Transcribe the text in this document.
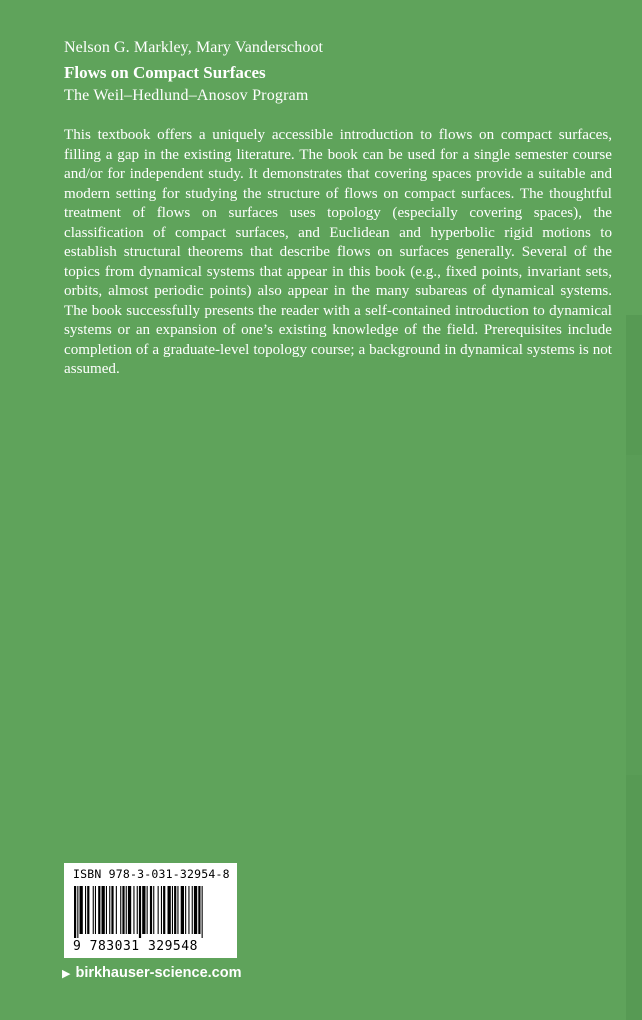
Nelson G. Markley, Mary Vanderschoot
Flows on Compact Surfaces
The Weil–Hedlund–Anosov Program

This textbook offers a uniquely accessible introduction to flows on compact surfaces, filling a gap in the existing literature. The book can be used for a single semester course and/or for independent study. It demonstrates that covering spaces provide a suitable and modern setting for studying the structure of flows on compact surfaces. The thoughtful treatment of flows on surfaces uses topology (especially covering spaces), the classification of compact surfaces, and Euclidean and hyperbolic rigid motions to establish structural theorems that describe flows on surfaces generally. Several of the topics from dynamical systems that appear in this book (e.g., fixed points, invariant sets, orbits, almost periodic points) also appear in the many subareas of dynamical systems. The book successfully presents the reader with a self-contained introduction to dynamical systems or an expansion of one’s existing knowledge of the field. Prerequisites include completion of a graduate-level topology course; a background in dynamical systems is not assumed.

ISBN 978-3-031-32954-8
9 783031 329548
▶ birkhauser-science.com
